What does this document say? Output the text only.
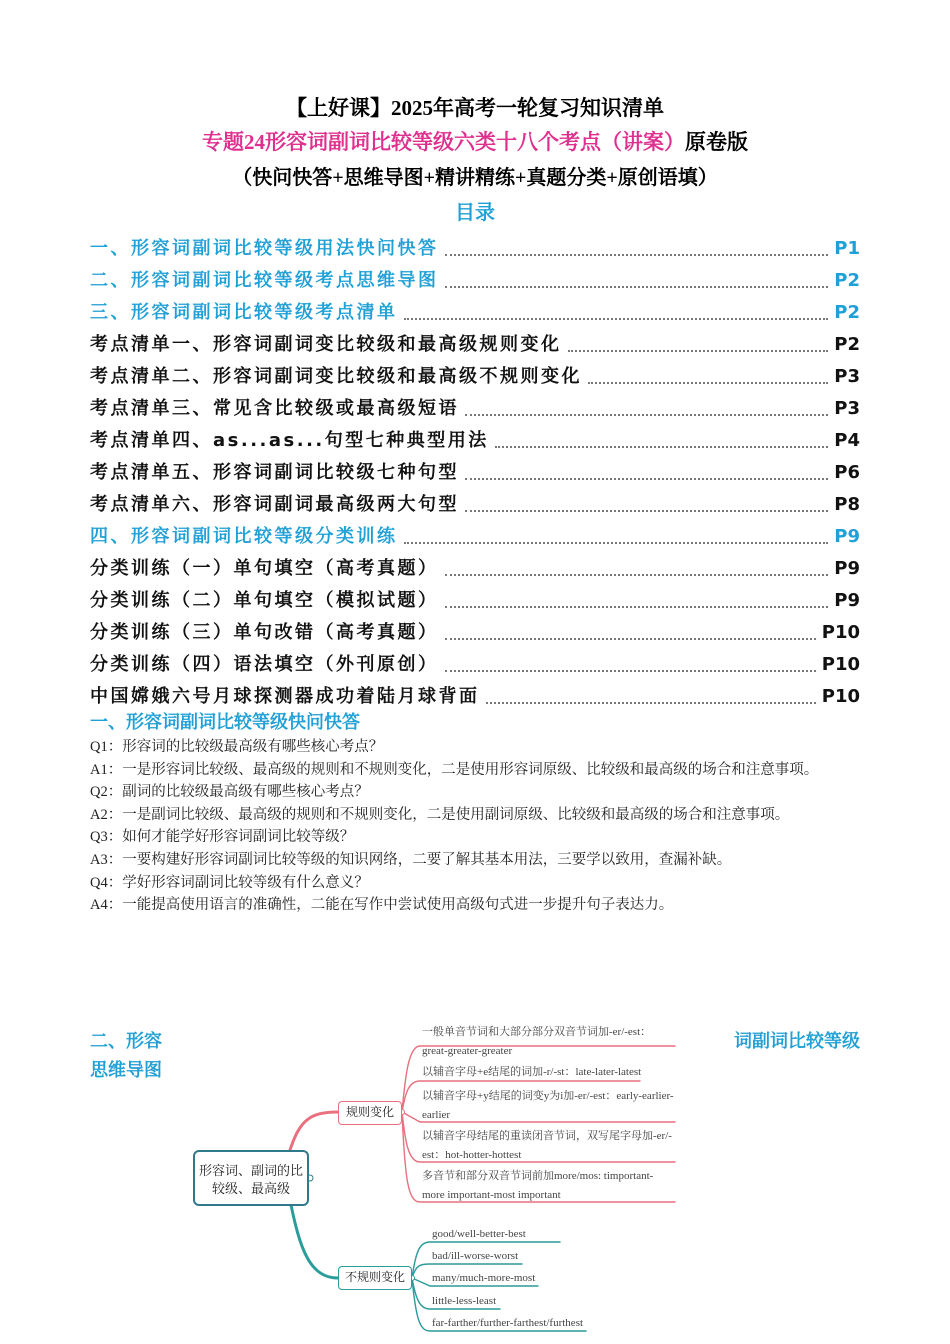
【上好课】2025年高考一轮复习知识清单
专题24形容词副词比较等级六类十八个考点（讲案）原卷版
（快问快答+思维导图+精讲精练+真题分类+原创语填）
目录
一、形容词副词比较等级用法快问快答	P1
二、形容词副词比较等级考点思维导图	P2
三、形容词副词比较等级考点清单	P2
考点清单一、形容词副词变比较级和最高级规则变化	P2
考点清单二、形容词副词变比较级和最高级不规则变化	P3
考点清单三、常见含比较级或最高级短语	P3
考点清单四、as...as...句型七种典型用法	P4
考点清单五、形容词副词比较级七种句型	P6
考点清单六、形容词副词最高级两大句型	P8
四、形容词副词比较等级分类训练	P9
分类训练（一）单句填空（高考真题）	P9
分类训练（二）单句填空（模拟试题）	P9
分类训练（三）单句改错（高考真题）	P10
分类训练（四）语法填空（外刊原创）	P10
中国嫦娥六号月球探测器成功着陆月球背面	P10
一、形容词副词比较等级快问快答

Q1：形容词的比较级最高级有哪些核心考点？

A1：一是形容词比较级、最高级的规则和不规则变化，二是使用形容词原级、比较级和最高级的场合和注意事项。

Q2：副词的比较级最高级有哪些核心考点？

A2：一是副词比较级、最高级的规则和不规则变化，二是使用副词原级、比较级和最高级的场合和注意事项。

Q3：如何才能学好形容词副词比较等级？

A3：一要构建好形容词副词比较等级的知识网络，二要了解其基本用法，三要学以致用，查漏补缺。

Q4：学好形容词副词比较等级有什么意义？

A4：一能提高使用语言的准确性，二能在写作中尝试使用高级句式进一步提升句子表达力。

二、形容
思维导图
词副词比较等级
形容词、副词的比较级、最高级
规则变化
不规则变化
一般单音节词和大部分部分双音节词加-er/-est：great-greater-greater
以辅音字母+e结尾的词加-r/-st：late-later-latest
以辅音字母+y结尾的词变y为i加-er/-est：early-earlier-earlier
以辅音字母结尾的重读闭音节词，双写尾字母加-er/-est：hot-hotter-hottest
多音节和部分双音节词前加more/mos: timportant-more important-most important
good/well-better-best
bad/ill-worse-worst
many/much-more-most
little-less-least
far-farther/further-farthest/furthest
